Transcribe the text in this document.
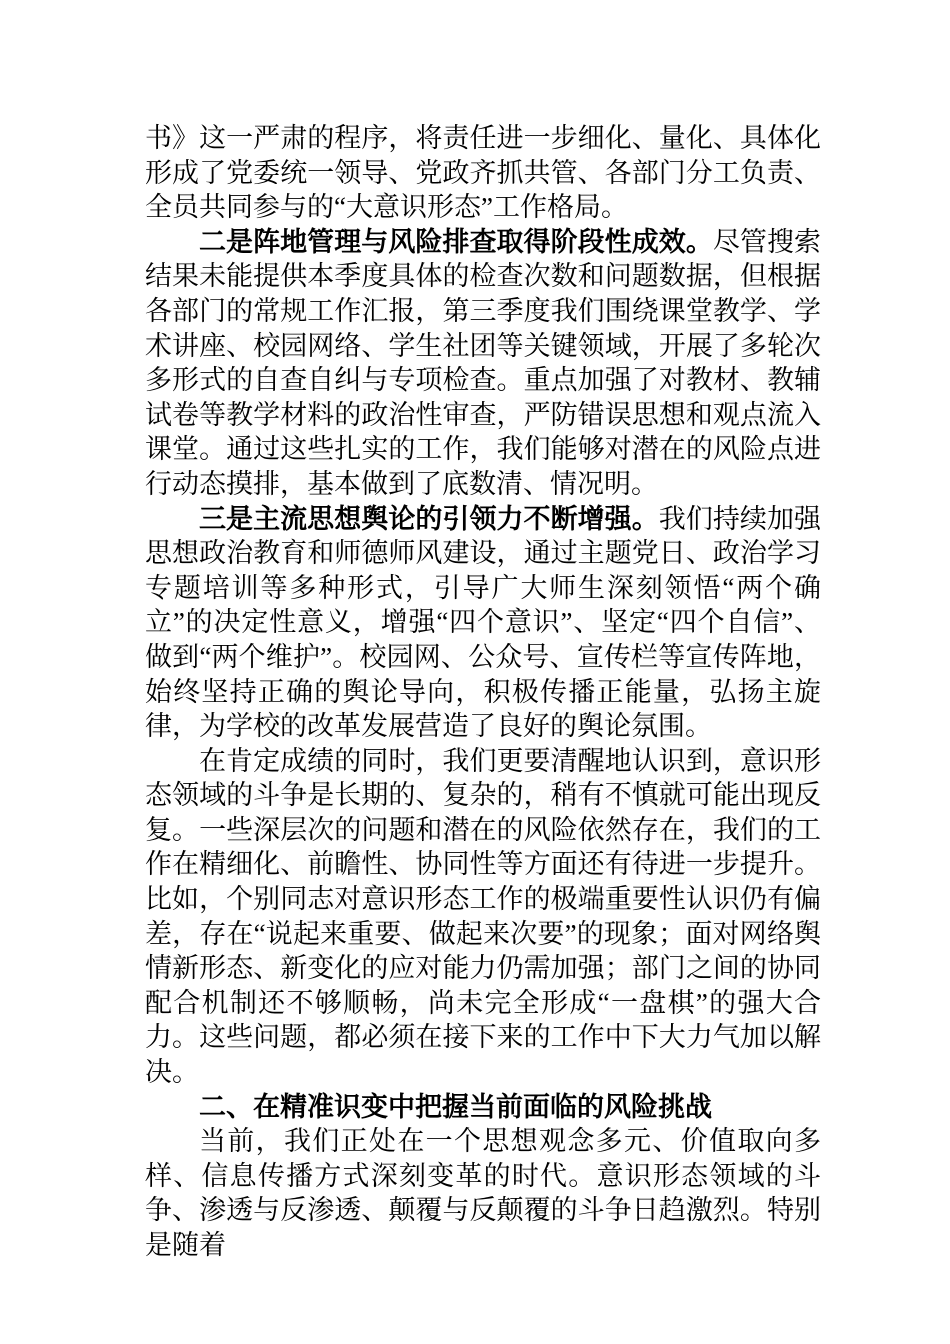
书》这一严肃的程序，将责任进一步细化、量化、具体化形成了党委统一领导、党政齐抓共管、各部门分工负责、全员共同参与的“大意识形态”工作格局。

二是阵地管理与风险排查取得阶段性成效。尽管搜索结果未能提供本季度具体的检查次数和问题数据，但根据各部门的常规工作汇报，第三季度我们围绕课堂教学、学术讲座、校园网络、学生社团等关键领域，开展了多轮次多形式的自查自纠与专项检查。重点加强了对教材、教辅试卷等教学材料的政治性审查，严防错误思想和观点流入课堂。通过这些扎实的工作，我们能够对潜在的风险点进行动态摸排，基本做到了底数清、情况明。

三是主流思想舆论的引领力不断增强。我们持续加强思想政治教育和师德师风建设，通过主题党日、政治学习专题培训等多种形式，引导广大师生深刻领悟“两个确立”的决定性意义，增强“四个意识”、坚定“四个自信”、做到“两个维护”。校园网、公众号、宣传栏等宣传阵地，始终坚持正确的舆论导向，积极传播正能量，弘扬主旋律，为学校的改革发展营造了良好的舆论氛围。

在肯定成绩的同时，我们更要清醒地认识到，意识形态领域的斗争是长期的、复杂的，稍有不慎就可能出现反复。一些深层次的问题和潜在的风险依然存在，我们的工作在精细化、前瞻性、协同性等方面还有待进一步提升。比如，个别同志对意识形态工作的极端重要性认识仍有偏差，存在“说起来重要、做起来次要”的现象；面对网络舆情新形态、新变化的应对能力仍需加强；部门之间的协同配合机制还不够顺畅，尚未完全形成“一盘棋”的强大合力。这些问题，都必须在接下来的工作中下大力气加以解决。

二、在精准识变中把握当前面临的风险挑战

当前，我们正处在一个思想观念多元、价值取向多样、信息传播方式深刻变革的时代。意识形态领域的斗争、渗透与反渗透、颠覆与反颠覆的斗争日趋激烈。特别是随着
